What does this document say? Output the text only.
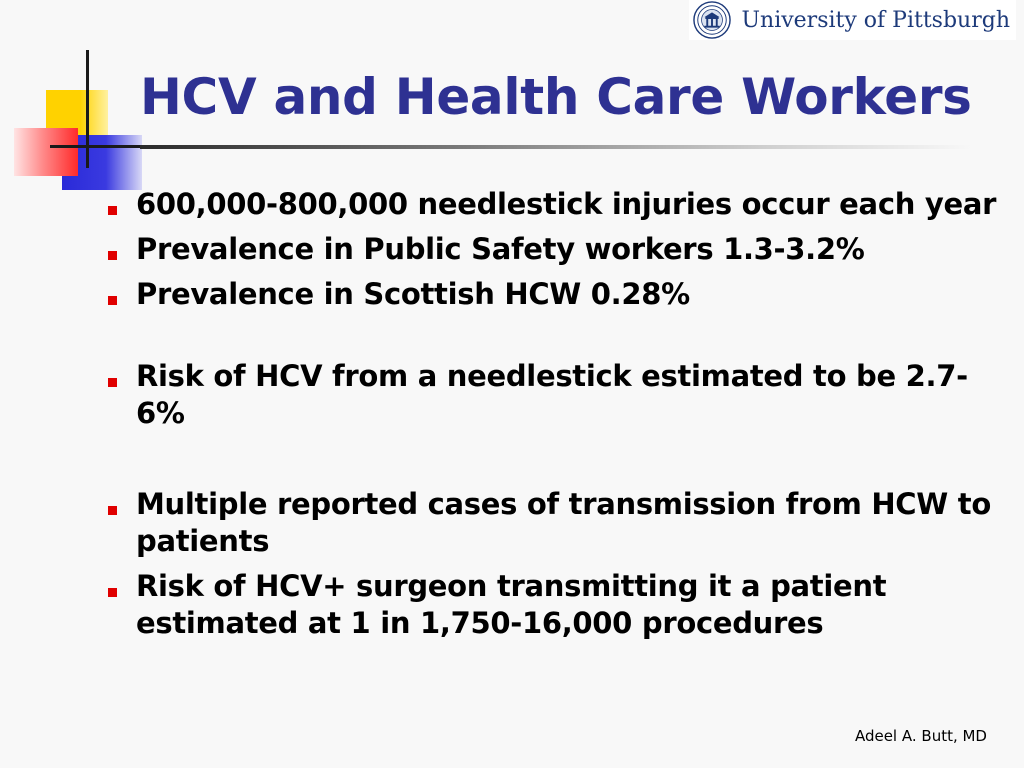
University of Pittsburgh
HCV and Health Care Workers
600,000-800,000 needlestick injuries occur each year
Prevalence in Public Safety workers 1.3-3.2%
Prevalence in Scottish HCW 0.28%
Risk of HCV from a needlestick estimated to be 2.7-6%
Multiple reported cases of transmission from HCW to patients
Risk of HCV+ surgeon transmitting it a patient estimated at 1 in 1,750-16,000 procedures
Adeel A. Butt, MD
